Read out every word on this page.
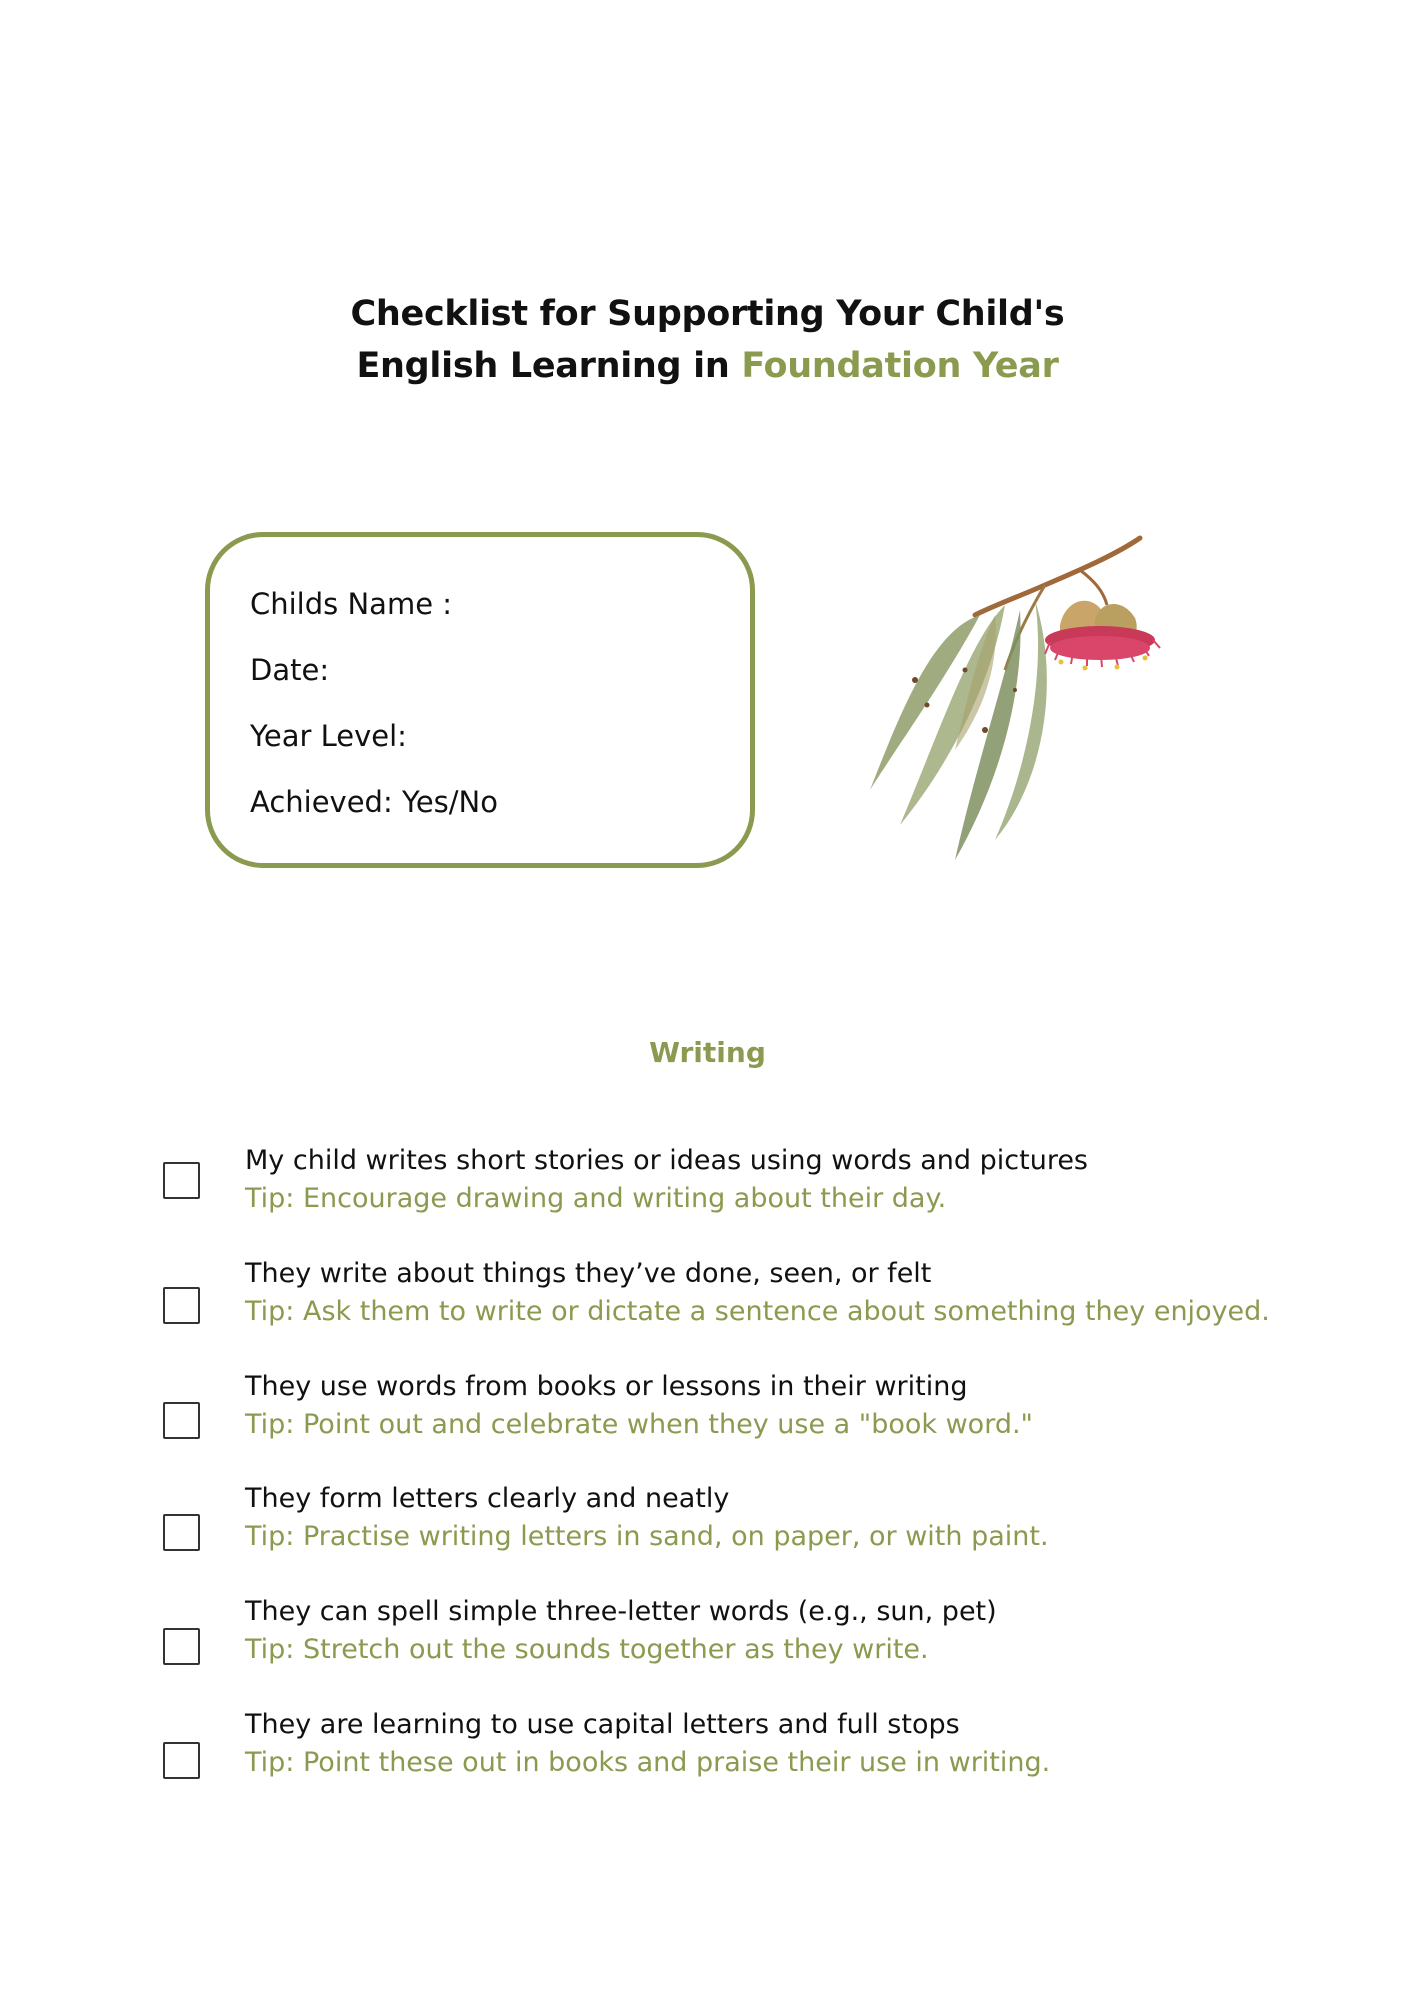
Checklist for Supporting Your Child's
English Learning in Foundation Year
Childs Name :
Date:
Year Level:
Achieved: Yes/No
Writing
My child writes short stories or ideas using words and pictures
Tip: Encourage drawing and writing about their day.
They write about things they’ve done, seen, or felt
Tip: Ask them to write or dictate a sentence about something they enjoyed.
They use words from books or lessons in their writing
Tip: Point out and celebrate when they use a "book word."
They form letters clearly and neatly
Tip: Practise writing letters in sand, on paper, or with paint.
They can spell simple three-letter words (e.g., sun, pet)
Tip: Stretch out the sounds together as they write.
They are learning to use capital letters and full stops
Tip: Point these out in books and praise their use in writing.
